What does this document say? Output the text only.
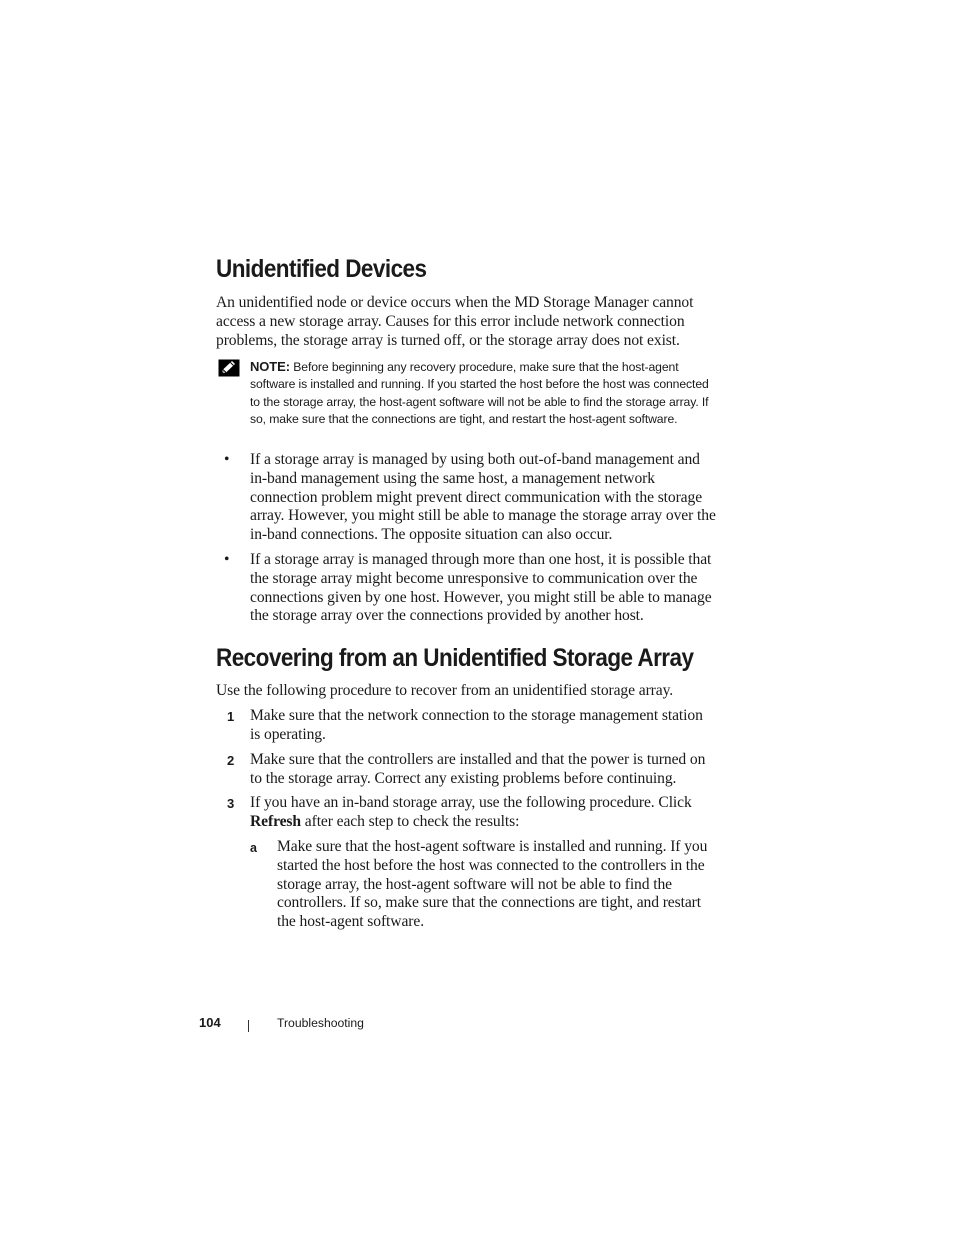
Unidentified Devices

An unidentified node or device occurs when the MD Storage Manager cannot access a new storage array. Causes for this error include network connection problems, the storage array is turned off, or the storage array does not exist.

NOTE: Before beginning any recovery procedure, make sure that the host-agent software is installed and running. If you started the host before the host was connected to the storage array, the host-agent software will not be able to find the storage array. If so, make sure that the connections are tight, and restart the host-agent software.

• If a storage array is managed by using both out-of-band management and in-band management using the same host, a management network connection problem might prevent direct communication with the storage array. However, you might still be able to manage the storage array over the in-band connections. The opposite situation can also occur.

• If a storage array is managed through more than one host, it is possible that the storage array might become unresponsive to communication over the connections given by one host. However, you might still be able to manage the storage array over the connections provided by another host.

Recovering from an Unidentified Storage Array

Use the following procedure to recover from an unidentified storage array.

1 Make sure that the network connection to the storage management station is operating.

2 Make sure that the controllers are installed and that the power is turned on to the storage array. Correct any existing problems before continuing.

3 If you have an in-band storage array, use the following procedure. Click Refresh after each step to check the results:

a Make sure that the host-agent software is installed and running. If you started the host before the host was connected to the controllers in the storage array, the host-agent software will not be able to find the controllers. If so, make sure that the connections are tight, and restart the host-agent software.

104	Troubleshooting
